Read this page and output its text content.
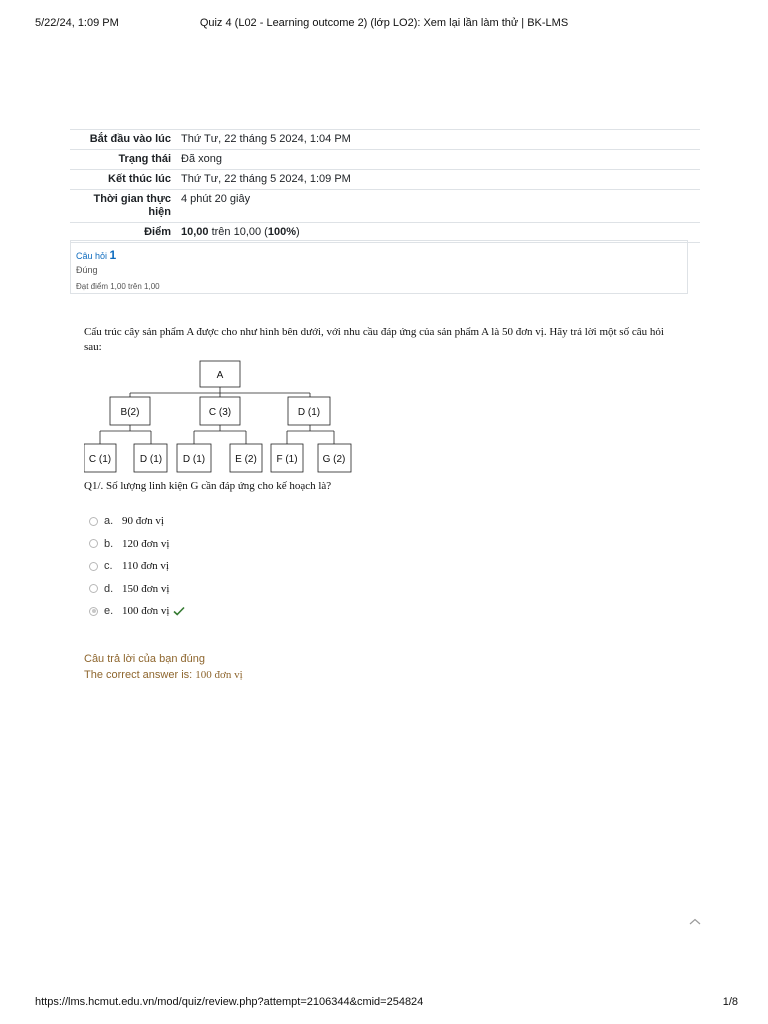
5/22/24, 1:09 PM	Quiz 4 (L02 - Learning outcome 2) (lớp LO2): Xem lại lần làm thử | BK-LMS
Bắt đầu vào lúc	Thứ Tư, 22 tháng 5 2024, 1:04 PM
Trạng thái	Đã xong
Kết thúc lúc	Thứ Tư, 22 tháng 5 2024, 1:09 PM
Thời gian thực hiện	4 phút 20 giây
Điểm	10,00 trên 10,00 (100%)
Câu hỏi 1
Đúng
Đạt điểm 1,00 trên 1,00
Cấu trúc cây sản phẩm A được cho như hình bên dưới, với nhu cầu đáp ứng của sản phẩm A là 50 đơn vị. Hãy trả lời một số câu hỏi sau:
A
B(2)	C (3)	D (1)
C (1)	D (1) D (1)	E (2) F (1)	G (2)
Q1/. Số lượng linh kiện G cần đáp ứng cho kế hoạch là?
a. 90 đơn vị
b. 120 đơn vị
c. 110 đơn vị
d. 150 đơn vị
e. 100 đơn vị
Câu trả lời của bạn đúng
The correct answer is: 100 đơn vị
https://lms.hcmut.edu.vn/mod/quiz/review.php?attempt=2106344&cmid=254824	1/8
